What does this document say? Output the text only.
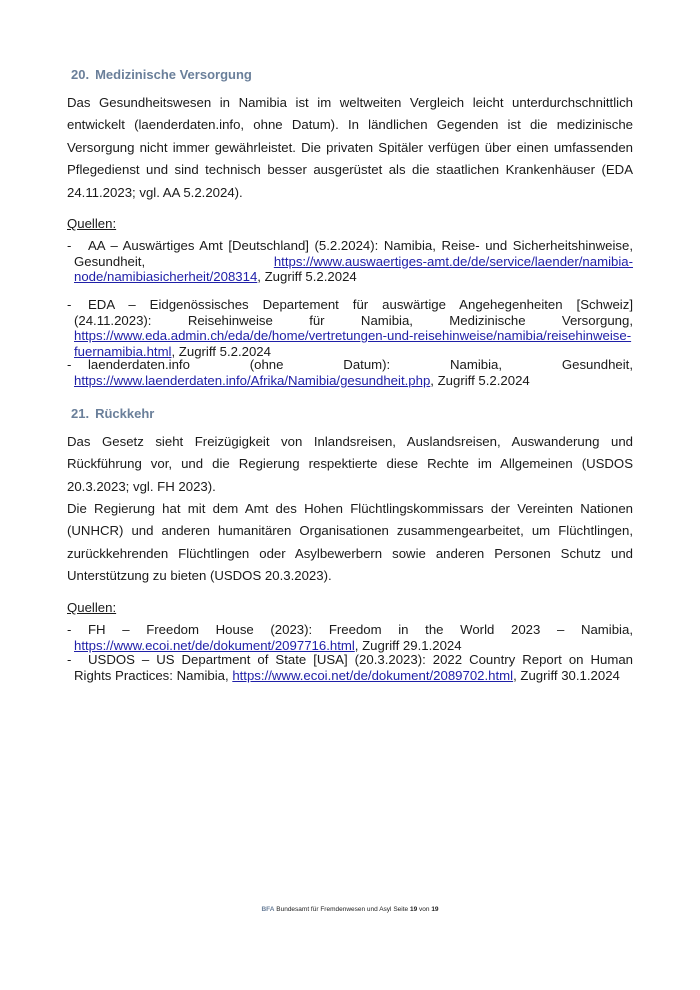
20. Medizinische Versorgung

Das Gesundheitswesen in Namibia ist im weltweiten Vergleich leicht unterdurchschnittlich entwickelt (laenderdaten.info, ohne Datum). In ländlichen Gegenden ist die medizinische Versorgung nicht immer gewährleistet. Die privaten Spitäler verfügen über einen umfassenden Pflegedienst und sind technisch besser ausgerüstet als die staatlichen Krankenhäuser (EDA 24.11.2023; vgl. AA 5.2.2024).

Quellen:
-	AA – Auswärtiges Amt [Deutschland] (5.2.2024): Namibia, Reise- und Sicherheitshinweise, Gesundheit,	https://www.auswaertiges-amt.de/de/service/laender/namibia-node/namibiasicherheit/208314, Zugriff 5.2.2024
-	EDA – Eidgenössisches Departement für auswärtige Angehegenheiten [Schweiz] (24.11.2023): Reisehinweise für Namibia, Medizinische Versorgung, https://www.eda.admin.ch/eda/de/home/vertretungen-und-reisehinweise/namibia/reisehinweise-fuernamibia.html, Zugriff 5.2.2024
-	laenderdaten.info (ohne Datum): Namibia, Gesundheit, https://www.laenderdaten.info/Afrika/Namibia/gesundheit.php, Zugriff 5.2.2024
21. Rückkehr

Das Gesetz sieht Freizügigkeit von Inlandsreisen, Auslandsreisen, Auswanderung und Rückführung vor, und die Regierung respektierte diese Rechte im Allgemeinen (USDOS 20.3.2023; vgl. FH 2023).

Die Regierung hat mit dem Amt des Hohen Flüchtlingskommissars der Vereinten Nationen (UNHCR) und anderen humanitären Organisationen zusammengearbeitet, um Flüchtlingen, zurückkehrenden Flüchtlingen oder Asylbewerbern sowie anderen Personen Schutz und Unterstützung zu bieten (USDOS 20.3.2023).

Quellen:
-	FH – Freedom House (2023): Freedom in the World 2023 – Namibia, https://www.ecoi.net/de/dokument/2097716.html, Zugriff 29.1.2024
-	USDOS – US Department of State [USA] (20.3.2023): 2022 Country Report on Human Rights Practices: Namibia, https://www.ecoi.net/de/dokument/2089702.html, Zugriff 30.1.2024
BFA Bundesamt für Fremdenwesen und Asyl Seite 19 von 19
